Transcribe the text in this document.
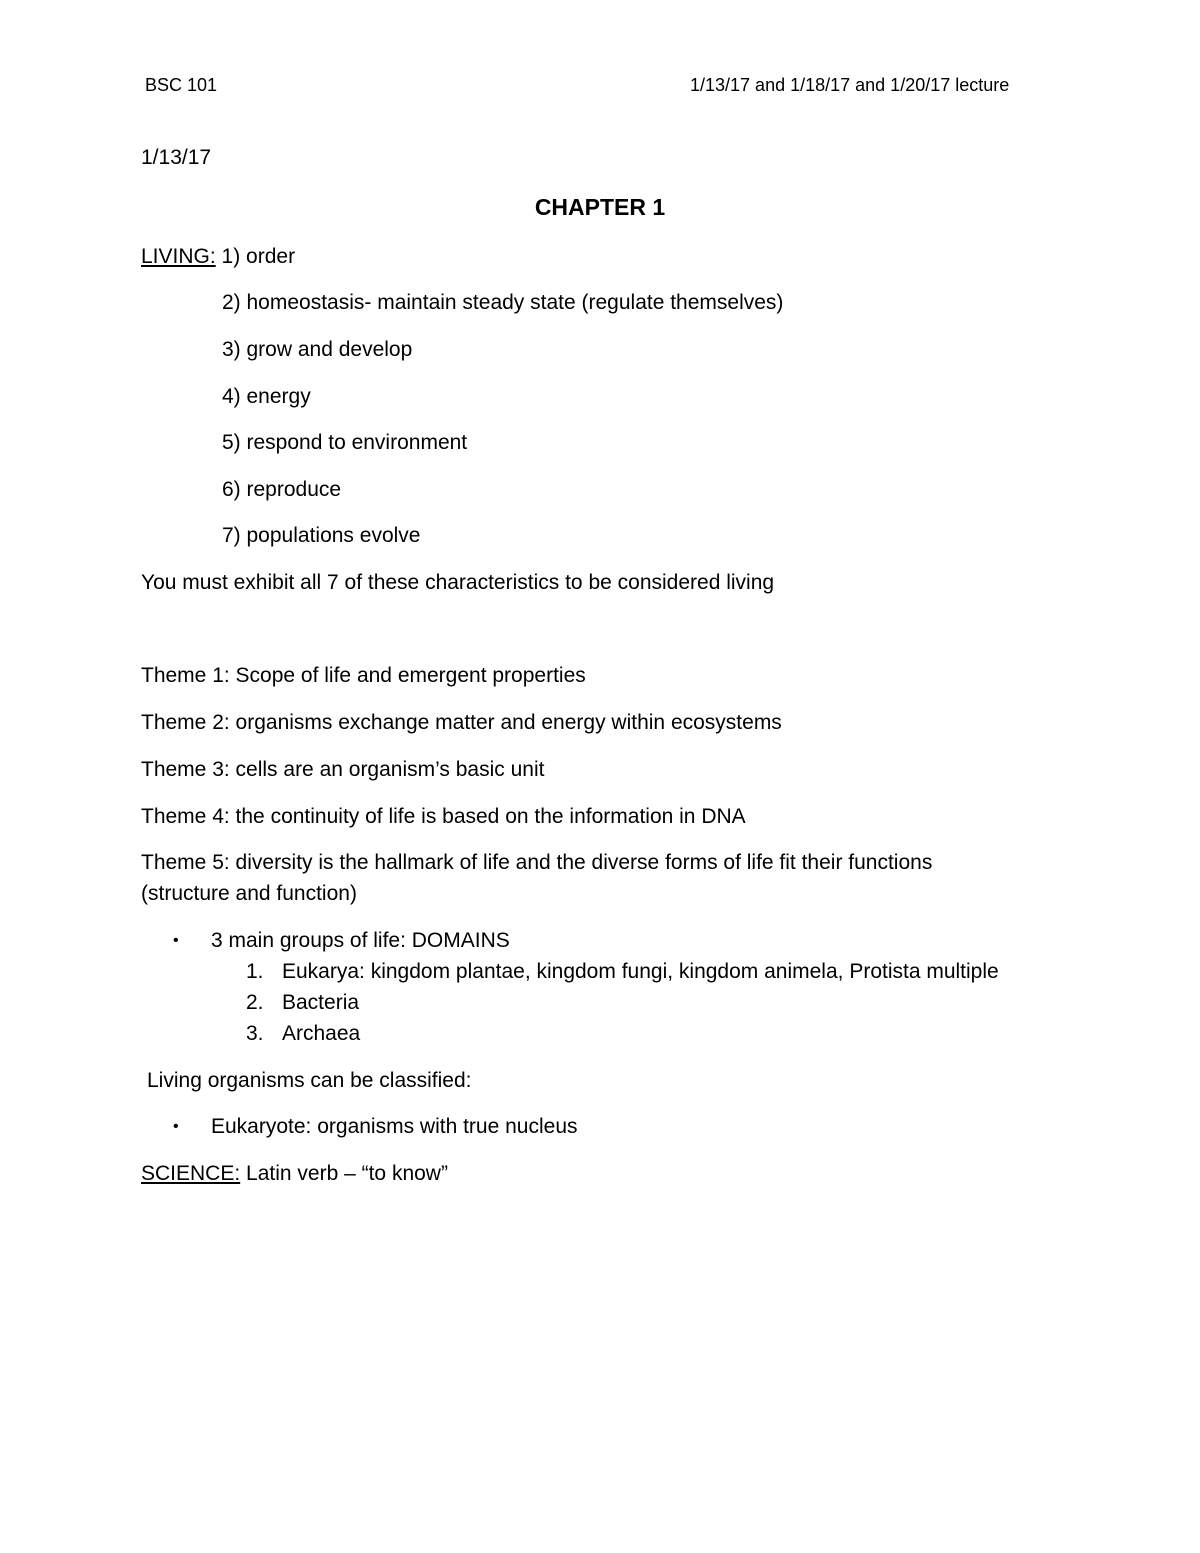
BSC 101	1/13/17 and 1/18/17 and 1/20/17 lecture
1/13/17
CHAPTER 1
LIVING: 1) order
2) homeostasis- maintain steady state (regulate themselves)
3) grow and develop
4) energy
5) respond to environment
6) reproduce
7) populations evolve
You must exhibit all 7 of these characteristics to be considered living
Theme 1: Scope of life and emergent properties
Theme 2: organisms exchange matter and energy within ecosystems
Theme 3: cells are an organism’s basic unit
Theme 4: the continuity of life is based on the information in DNA
Theme 5: diversity is the hallmark of life and the diverse forms of life fit their functions
(structure and function)
• 3 main groups of life: DOMAINS
1. Eukarya: kingdom plantae, kingdom fungi, kingdom animela, Protista multiple
2. Bacteria
3. Archaea
Living organisms can be classified:
• Eukaryote: organisms with true nucleus
SCIENCE: Latin verb – “to know”
